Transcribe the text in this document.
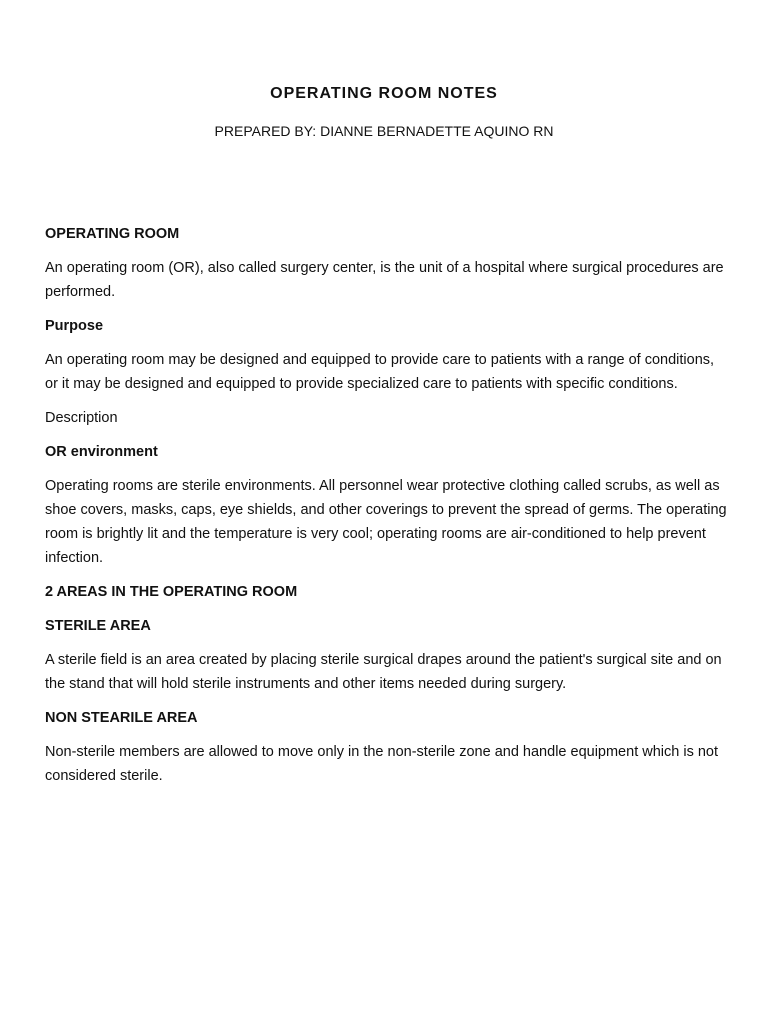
OPERATING ROOM NOTES
PREPARED BY: DIANNE BERNADETTE AQUINO RN
OPERATING ROOM

An operating room (OR), also called surgery center, is the unit of a hospital where surgical procedures are performed.

Purpose

An operating room may be designed and equipped to provide care to patients with a range of conditions, or it may be designed and equipped to provide specialized care to patients with specific conditions.

Description

OR environment

Operating rooms are sterile environments. All personnel wear protective clothing called scrubs, as well as shoe covers, masks, caps, eye shields, and other coverings to prevent the spread of germs. The operating room is brightly lit and the temperature is very cool; operating rooms are air-conditioned to help prevent infection.

2 AREAS IN THE OPERATING ROOM
STERILE AREA

A sterile field is an area created by placing sterile surgical drapes around the patient's surgical site and on the stand that will hold sterile instruments and other items needed during surgery.

NON STEARILE AREA

Non-sterile members are allowed to move only in the non-sterile zone and handle equipment which is not considered sterile.
